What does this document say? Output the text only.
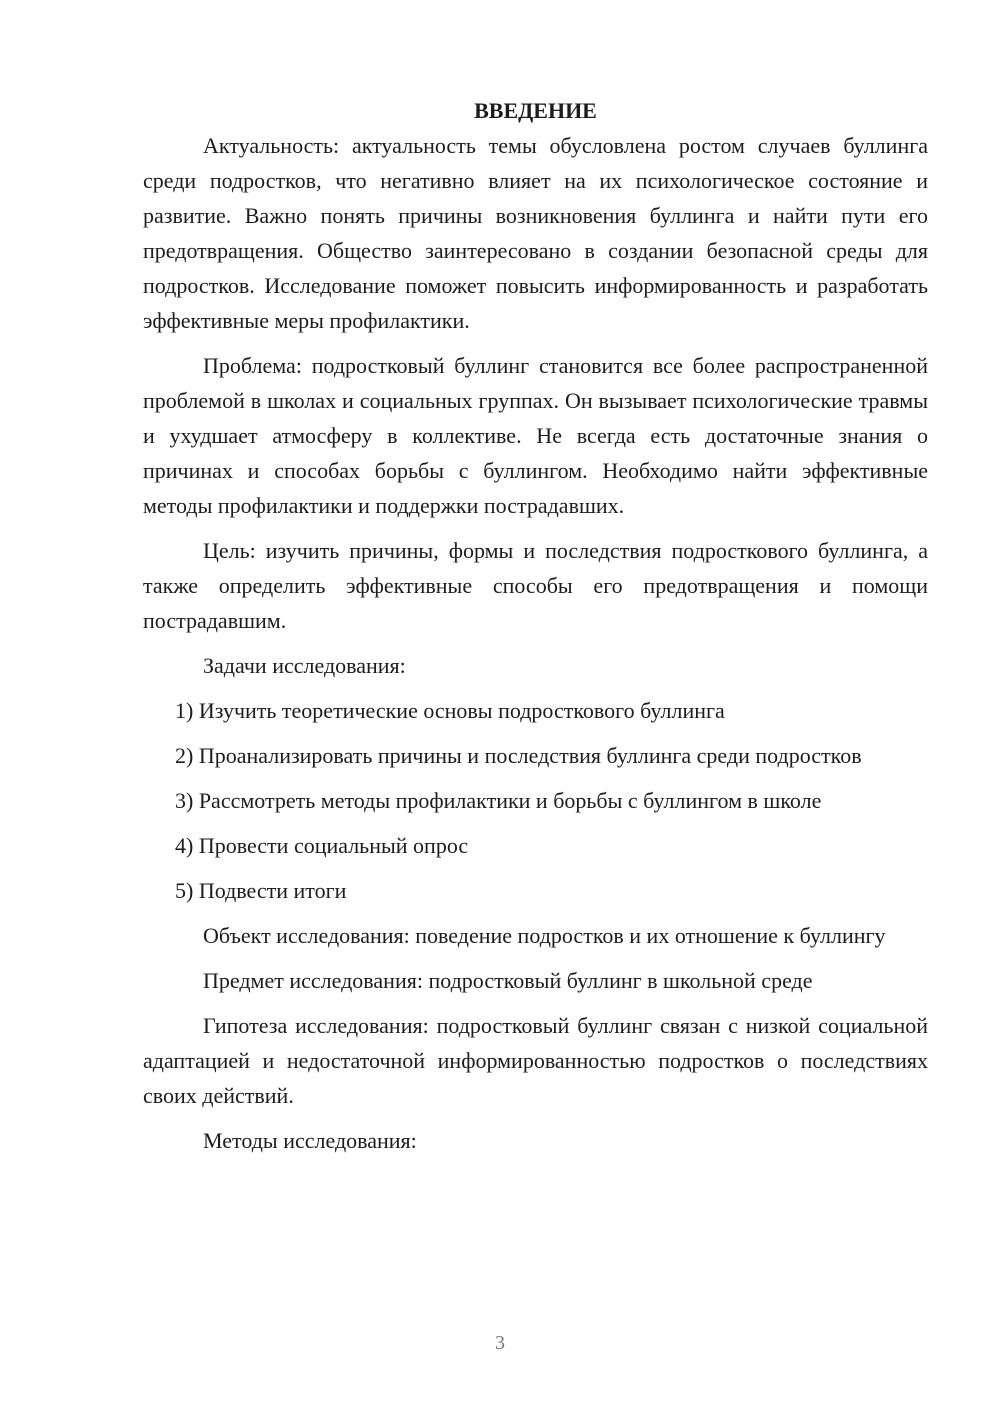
ВВЕДЕНИЕ

Актуальность: актуальность темы обусловлена ростом случаев буллинга среди подростков, что негативно влияет на их психологическое состояние и развитие. Важно понять причины возникновения буллинга и найти пути его предотвращения. Общество заинтересовано в создании безопасной среды для подростков. Исследование поможет повысить информированность и разработать эффективные меры профилактики.

Проблема: подростковый буллинг становится все более распространенной проблемой в школах и социальных группах. Он вызывает психологические травмы и ухудшает атмосферу в коллективе. Не всегда есть достаточные знания о причинах и способах борьбы с буллингом. Необходимо найти эффективные методы профилактики и поддержки пострадавших.

Цель: изучить причины, формы и последствия подросткового буллинга, а также определить эффективные способы его предотвращения и помощи пострадавшим.

Задачи исследования:

1) Изучить теоретические основы подросткового буллинга

2) Проанализировать причины и последствия буллинга среди подростков

3) Рассмотреть методы профилактики и борьбы с буллингом в школе

4) Провести социальный опрос

5) Подвести итоги

Объект исследования: поведение подростков и их отношение к буллингу

Предмет исследования: подростковый буллинг в школьной среде

Гипотеза исследования: подростковый буллинг связан с низкой социальной адаптацией и недостаточной информированностью подростков о последствиях своих действий.

Методы исследования:

3
